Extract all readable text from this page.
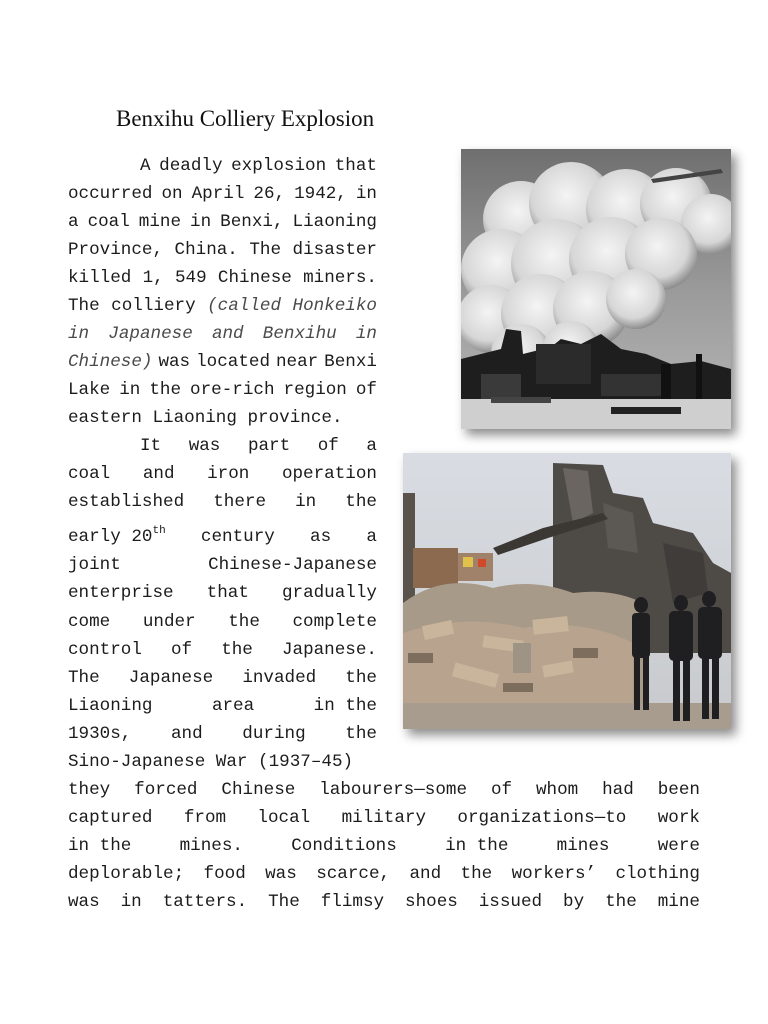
Benxihu Colliery Explosion
A deadly explosion that
occurred on April 26, 1942, in
a coal mine in Benxi, Liaoning
Province, China. The disaster
killed 1, 549 Chinese miners.
The colliery (called Honkeiko
in Japanese and Benxihu in
Chinese) was located near Benxi
Lake in the ore-rich region of
eastern Liaoning province.
It was part of a
coal and iron operation
established there in the
early 20th century as a
joint	Chinese-Japanese
enterprise that gradually
come under the complete
control of the Japanese.
The Japanese invaded the
Liaoning	area	in the
1930s, and during the
Sino-Japanese War (1937–45)
they forced Chinese labourers—some of whom had been
captured from local military organizations—to work
in the	mines.	Conditions	in the	mines	were
deplorable; food was scarce, and the workers’ clothing
was in tatters. The flimsy shoes issued by the mine
